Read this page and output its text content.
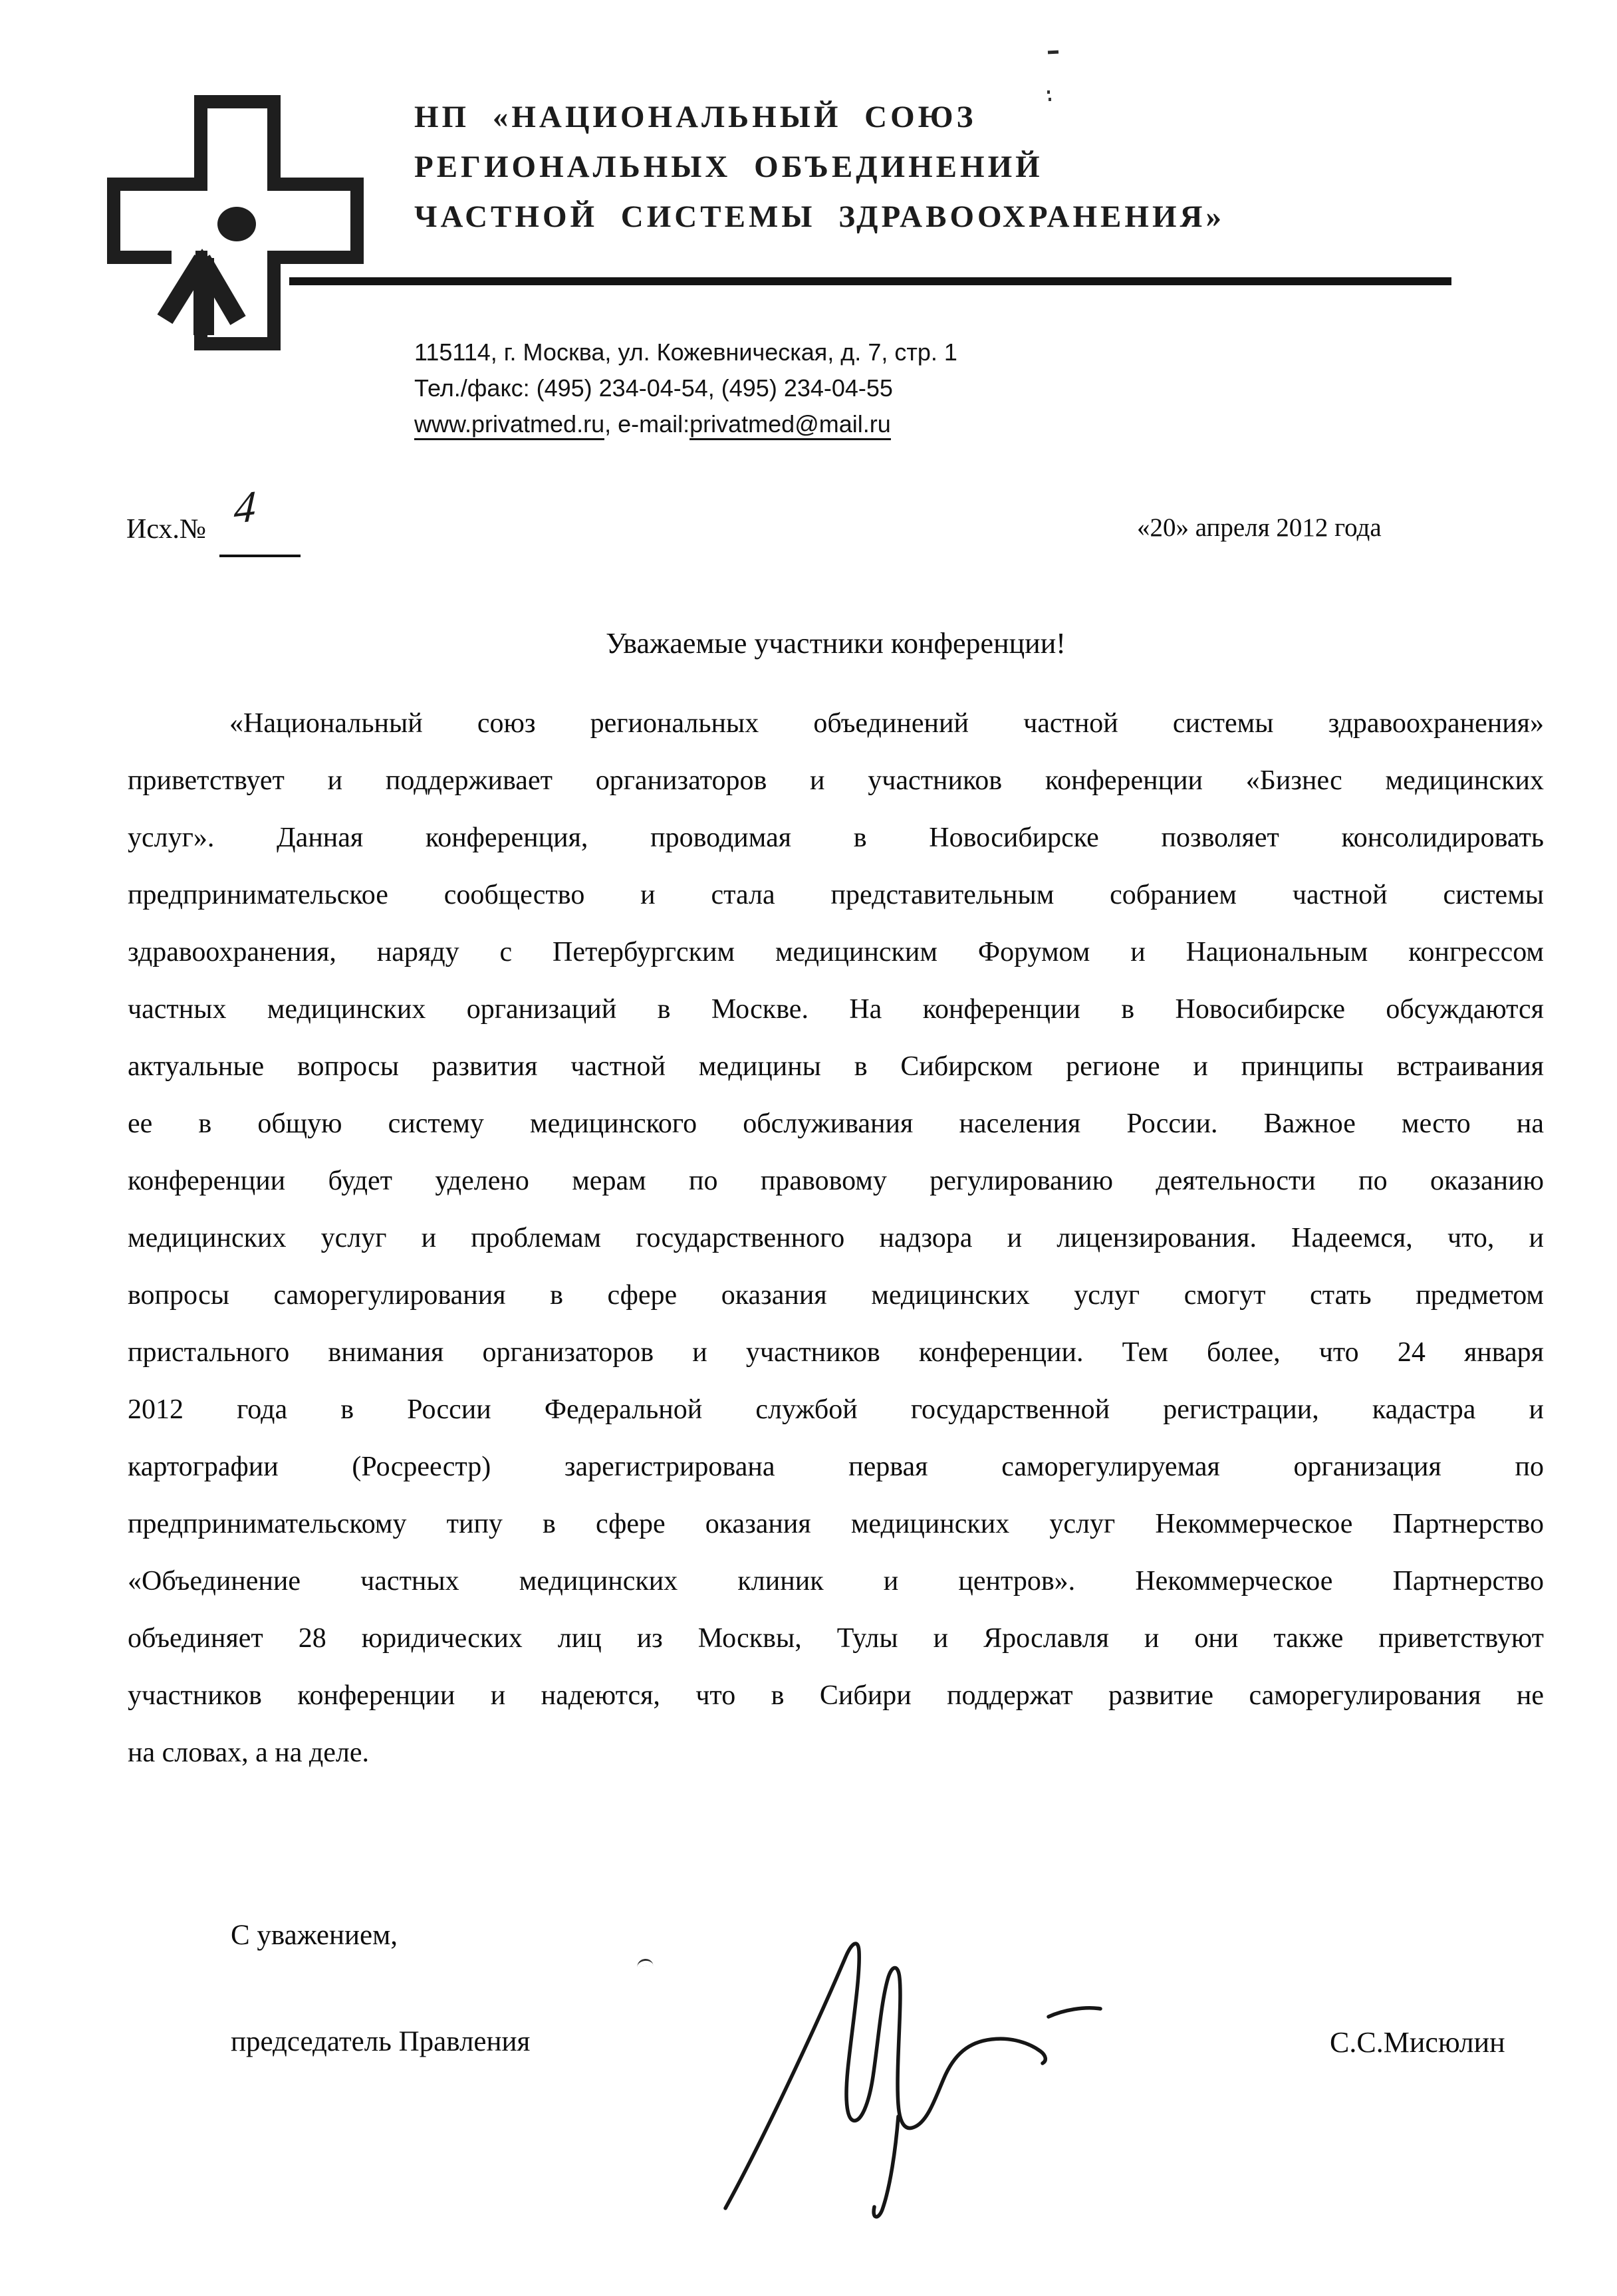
НП «НАЦИОНАЛЬНЫЙ СОЮЗ
РЕГИОНАЛЬНЫХ ОБЪЕДИНЕНИЙ
ЧАСТНОЙ СИСТЕМЫ ЗДРАВООХРАНЕНИЯ»
115114, г. Москва, ул. Кожевническая, д. 7, стр. 1
Тел./факс: (495) 234-04-54, (495) 234-04-55
www.privatmed.ru, e-mail:privatmed@mail.ru
Исх.№ 4	«20» апреля 2012 года
Уважаемые участники конференции!
«Национальный союз региональных объединений частной системы здравоохранения»
приветствует и поддерживает организаторов и участников конференции «Бизнес медицинских
услуг». Данная конференция, проводимая в Новосибирске позволяет консолидировать
предпринимательское сообщество и стала представительным собранием частной системы
здравоохранения, наряду с Петербургским медицинским Форумом и Национальным конгрессом
частных медицинских организаций в Москве. На конференции в Новосибирске обсуждаются
актуальные вопросы развития частной медицины в Сибирском регионе и принципы встраивания
ее в общую систему медицинского обслуживания населения России. Важное место на
конференции будет уделено мерам по правовому регулированию деятельности по оказанию
медицинских услуг и проблемам государственного надзора и лицензирования. Надеемся, что, и
вопросы саморегулирования в сфере оказания медицинских услуг смогут стать предметом
пристального внимания организаторов и участников конференции. Тем более, что 24 января
2012 года в России Федеральной службой государственной регистрации, кадастра и
картографии (Росреестр) зарегистрирована первая саморегулируемая организация по
предпринимательскому типу в сфере оказания медицинских услуг Некоммерческое Партнерство
«Объединение частных медицинских клиник и центров». Некоммерческое Партнерство
объединяет 28 юридических лиц из Москвы, Тулы и Ярославля и они также приветствуют
участников конференции и надеются, что в Сибири поддержат развитие саморегулирования не
на словах, а на деле.
С уважением,
председатель Правления	С.С.Мисюлин
